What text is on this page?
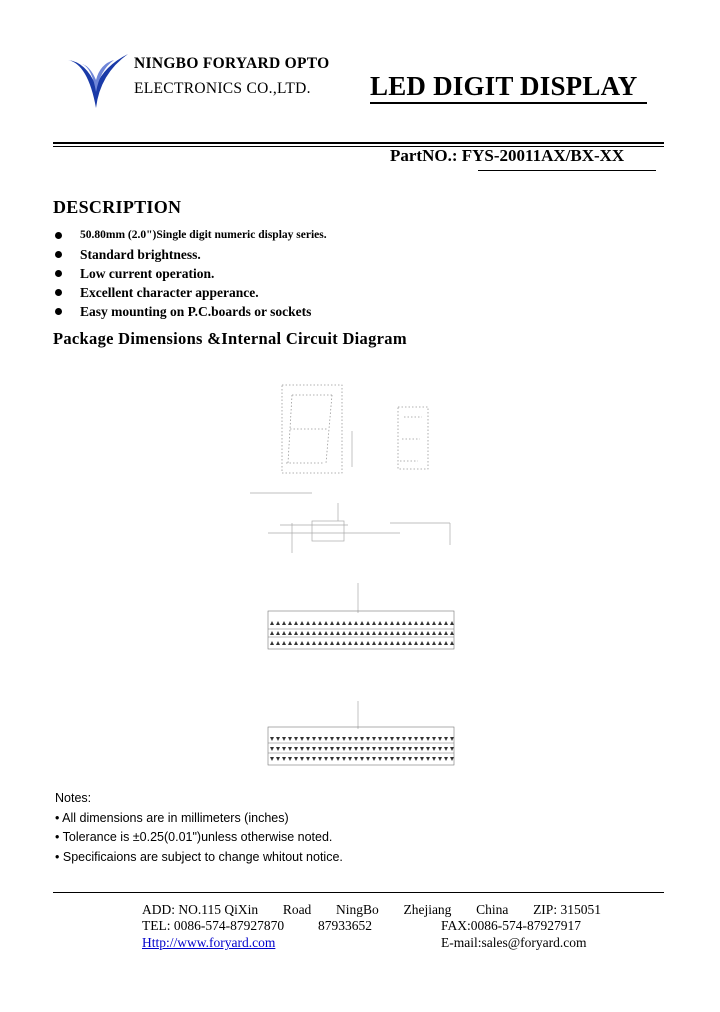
NINGBO FORYARD OPTO
ELECTRONICS CO.,LTD. LED DIGIT DISPLAY
PartNO.: FYS-20011AX/BX-XX
DESCRIPTION
50.80mm (2.0")Single digit numeric display series.
Standard brightness.
Low current operation.
Excellent character apperance.
Easy mounting on P.C.boards or sockets
Package Dimensions &Internal Circuit Diagram
Notes:
• All dimensions are in millimeters (inches)
• Tolerance is ±0.25(0.01")unless otherwise noted.
• Specificaions are subject to change whitout notice.
ADD: NO.115 QiXin Road NingBo Zhejiang China ZIP: 315051
TEL: 0086-574-87927870	87933652	FAX:0086-574-87927917
Http://www.foryard.com	E-mail:sales@foryard.com
